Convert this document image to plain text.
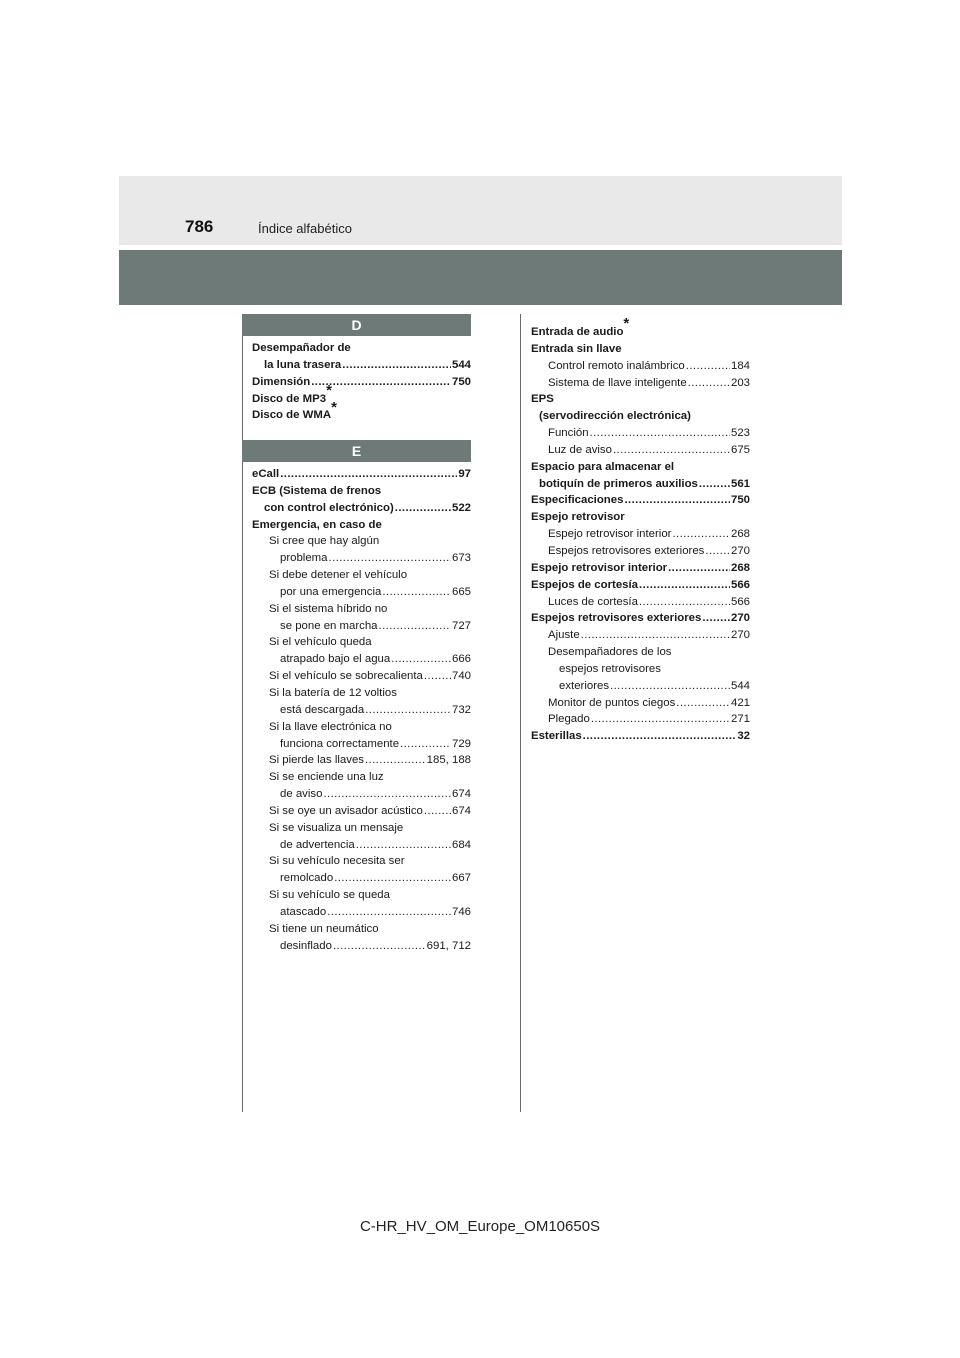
786	Índice alfabético
D
Desempañador de
la luna trasera .....	544
Dimensión .....	750
Disco de MP3*
Disco de WMA*
E
eCall .....	97
ECB (Sistema de frenos
con control electrónico) .....	522
Emergencia, en caso de
Si cree que hay algún
problema .....	673
Si debe detener el vehículo
por una emergencia .....	665
Si el sistema híbrido no
se pone en marcha .....	727
Si el vehículo queda
atrapado bajo el agua .....	666
Si el vehículo se sobrecalienta .....	740
Si la batería de 12 voltios
está descargada .....	732
Si la llave electrónica no
funciona correctamente .....	729
Si pierde las llaves .....	185, 188
Si se enciende una luz
de aviso .....	674
Si se oye un avisador acústico .....	674
Si se visualiza un mensaje
de advertencia .....	684
Si su vehículo necesita ser
remolcado .....	667
Si su vehículo se queda
atascado .....	746
Si tiene un neumático
desinflado .....	691, 712
Entrada de audio*
Entrada sin llave
Control remoto inalámbrico .....	184
Sistema de llave inteligente .....	203
EPS
(servodirección electrónica)
Función .....	523
Luz de aviso .....	675
Espacio para almacenar el
botiquín de primeros auxilios .....	561
Especificaciones .....	750
Espejo retrovisor
Espejo retrovisor interior .....	268
Espejos retrovisores exteriores ..... 270
Espejo retrovisor interior .....	268
Espejos de cortesía .....	566
Luces de cortesía .....	566
Espejos retrovisores exteriores .....	270
Ajuste .....	270
Desempañadores de los
espejos retrovisores
exteriores .....	544
Monitor de puntos ciegos .....	421
Plegado .....	271
Esterillas .....	32
C-HR_HV_OM_Europe_OM10650S
